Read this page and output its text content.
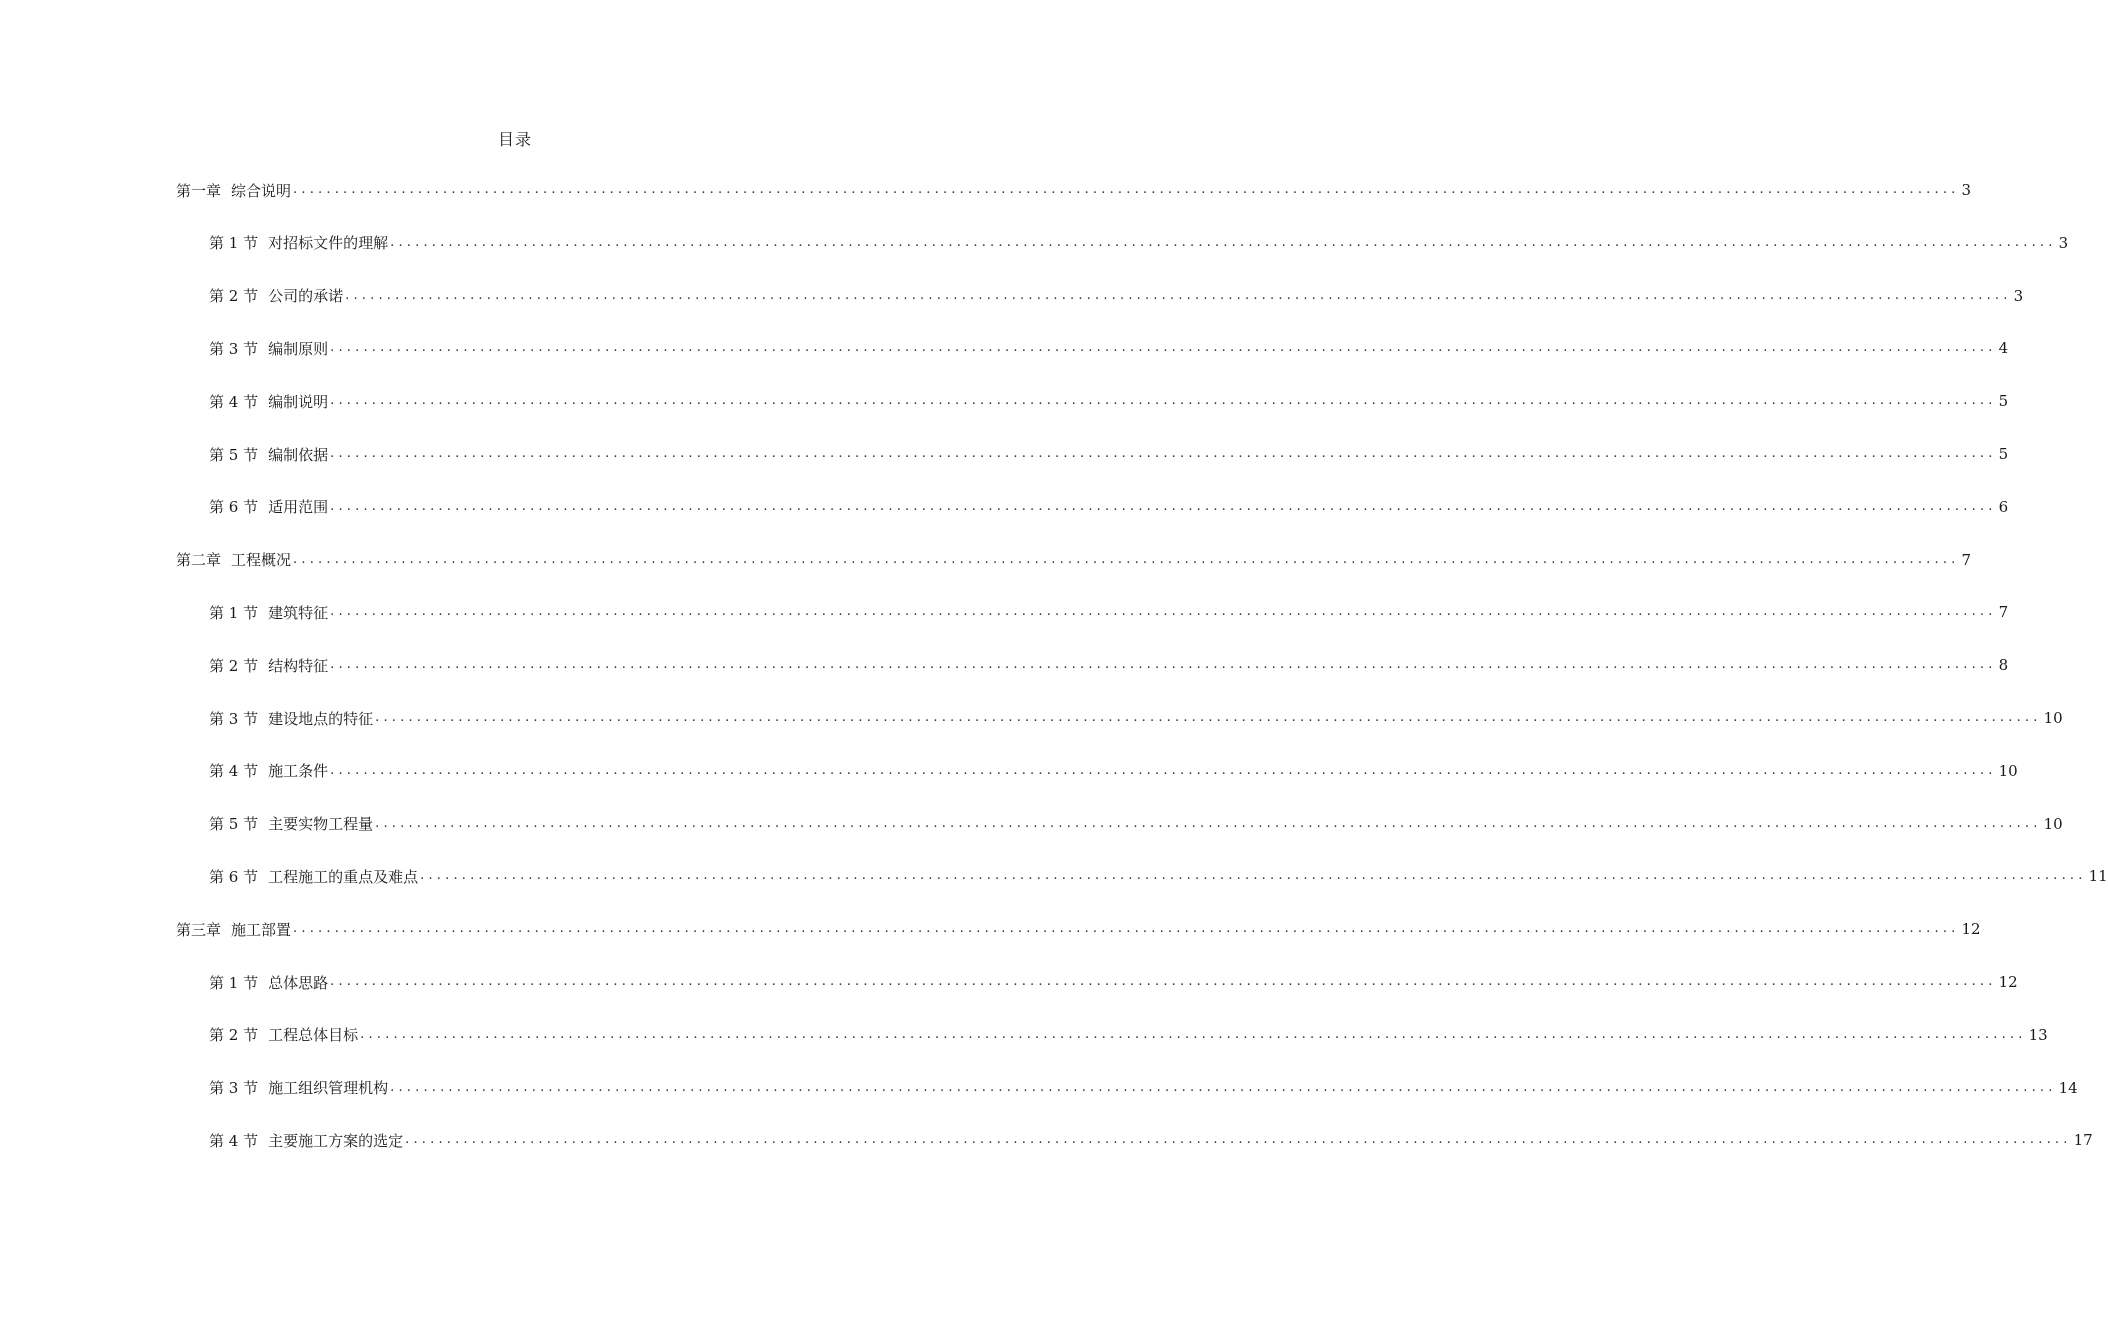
目录
第一章 综合说明 ........................................................................................................................................................................................................ 3
第 1 节 对招标文件的理解 ........................................................................................................................................................................................................ 3
第 2 节 公司的承诺 ........................................................................................................................................................................................................ 3
第 3 节 编制原则 ........................................................................................................................................................................................................ 4
第 4 节 编制说明 ........................................................................................................................................................................................................ 5
第 5 节 编制依据 ........................................................................................................................................................................................................ 5
第 6 节 适用范围 ........................................................................................................................................................................................................ 6
第二章 工程概况 ........................................................................................................................................................................................................ 7
第 1 节 建筑特征 ........................................................................................................................................................................................................ 7
第 2 节 结构特征 ........................................................................................................................................................................................................ 8
第 3 节 建设地点的特征 ........................................................................................................................................................................................................ 10
第 4 节 施工条件 ........................................................................................................................................................................................................ 10
第 5 节 主要实物工程量 ........................................................................................................................................................................................................ 10
第 6 节 工程施工的重点及难点 ........................................................................................................................................................................................................ 11
第三章 施工部置 ........................................................................................................................................................................................................ 12
第 1 节 总体思路 ........................................................................................................................................................................................................ 12
第 2 节 工程总体目标 ........................................................................................................................................................................................................ 13
第 3 节 施工组织管理机构 ........................................................................................................................................................................................................ 14
第 4 节 主要施工方案的选定 ........................................................................................................................................................................................................ 17
